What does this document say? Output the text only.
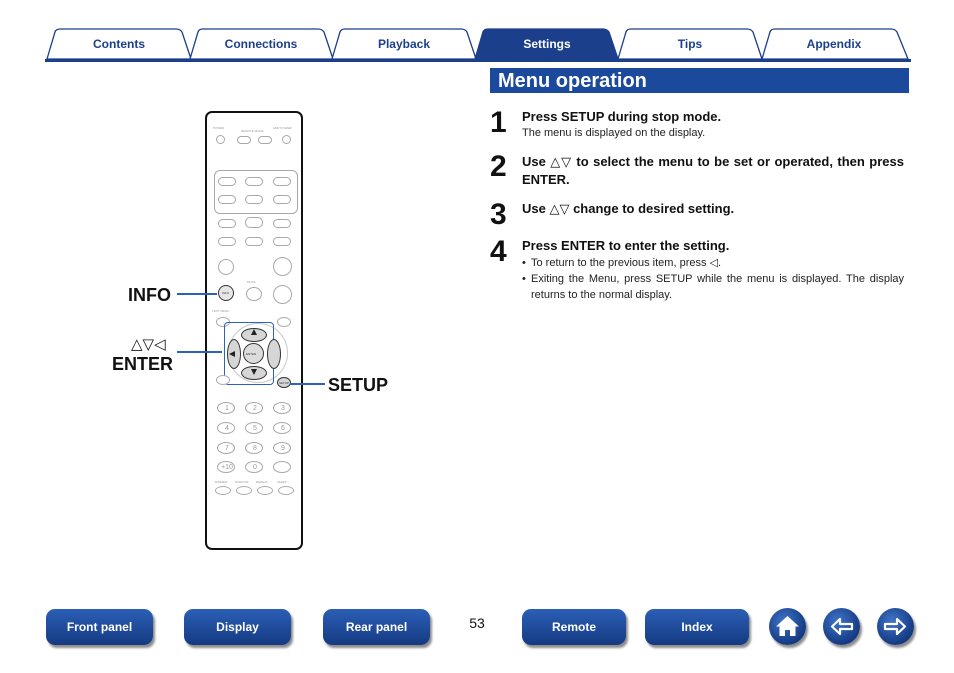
Contents	Connections	Playback	Settings	Tips	Appendix
Menu operation
1 Press SETUP during stop mode.
The menu is displayed on the display.
2 Use △▽ to select the menu to be set or operated, then press ENTER.
3 Use △▽ change to desired setting.
4 Press ENTER to enter the setting.
• To return to the previous item, press ◁.
• Exiting the Menu, press SETUP while the menu is displayed. The display returns to the normal display.
POWER
REMOTE MODE
AMP POWER
INFO
MUTE
TEXT MENU
ENTER
SETUP
1	2	3
4	5	6
7	8	9
+10	0
DIMMER	RANDOM	REPEAT	SLEEP
INFO
△▽◁
ENTER
SETUP
Front panel	Display	Rear panel	53	Remote	Index
